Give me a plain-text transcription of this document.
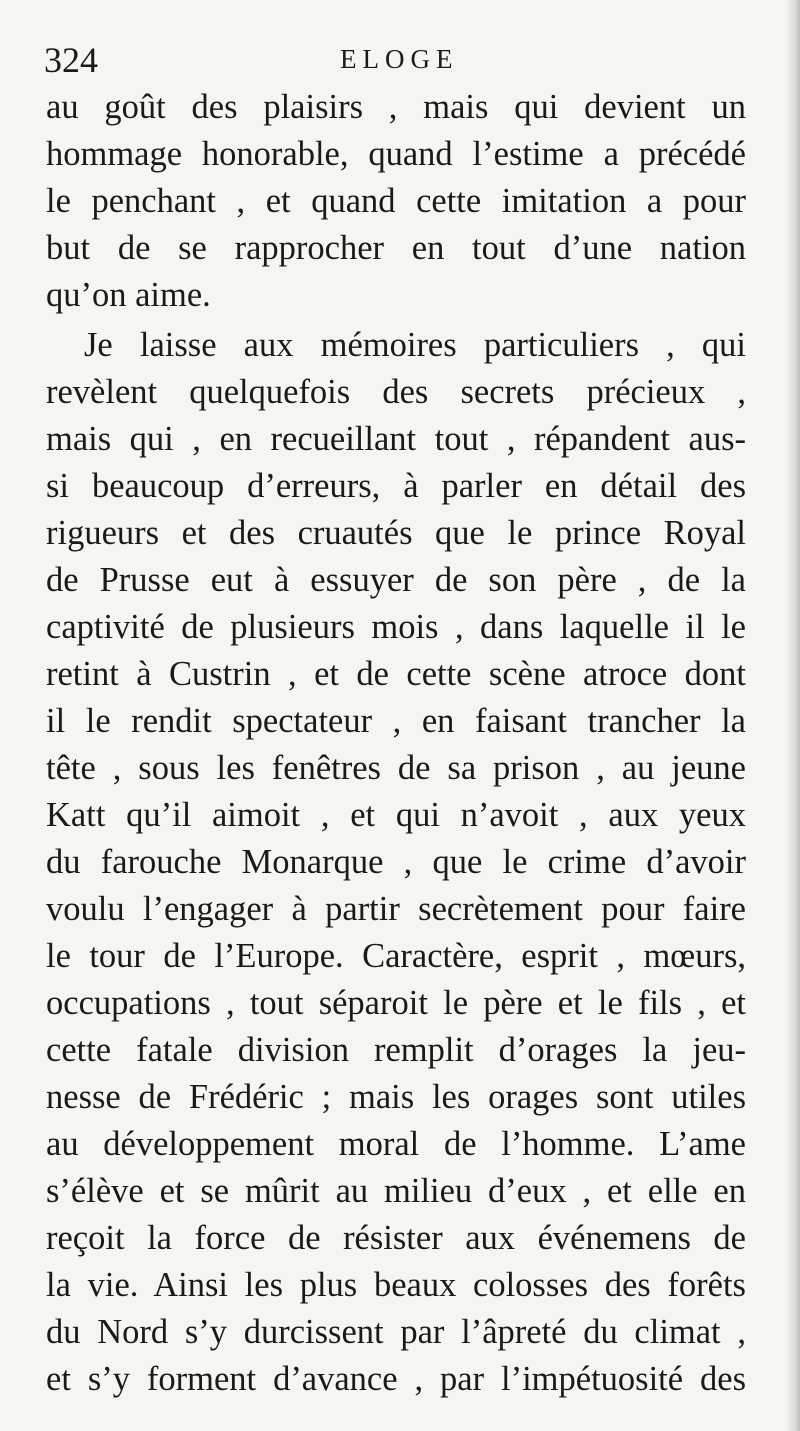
324	ELOGE
au goût des plaisirs , mais qui devient un
hommage honorable, quand l’estime a précédé
le penchant , et quand cette imitation a pour
but de se rapprocher en tout d’une nation
qu’on aime.
Je laisse aux mémoires particuliers , qui
revèlent quelquefois des secrets précieux ,
mais qui , en recueillant tout , répandent aus-
si beaucoup d’erreurs, à parler en détail des
rigueurs et des cruautés que le prince Royal
de Prusse eut à essuyer de son père , de la
captivité de plusieurs mois , dans laquelle il le
retint à Custrin , et de cette scène atroce dont
il le rendit spectateur , en faisant trancher la
tête , sous les fenêtres de sa prison , au jeune
Katt qu’il aimoit , et qui n’avoit , aux yeux
du farouche Monarque , que le crime d’avoir
voulu l’engager à partir secrètement pour faire
le tour de l’Europe. Caractère, esprit , mœurs,
occupations , tout séparoit le père et le fils , et
cette fatale division remplit d’orages la jeu-
nesse de Frédéric ; mais les orages sont utiles
au développement moral de l’homme. L’ame
s’élève et se mûrit au milieu d’eux , et elle en
reçoit la force de résister aux événemens de
la vie. Ainsi les plus beaux colosses des forêts
du Nord s’y durcissent par l’âpreté du climat ,
et s’y forment d’avance , par l’impétuosité des
